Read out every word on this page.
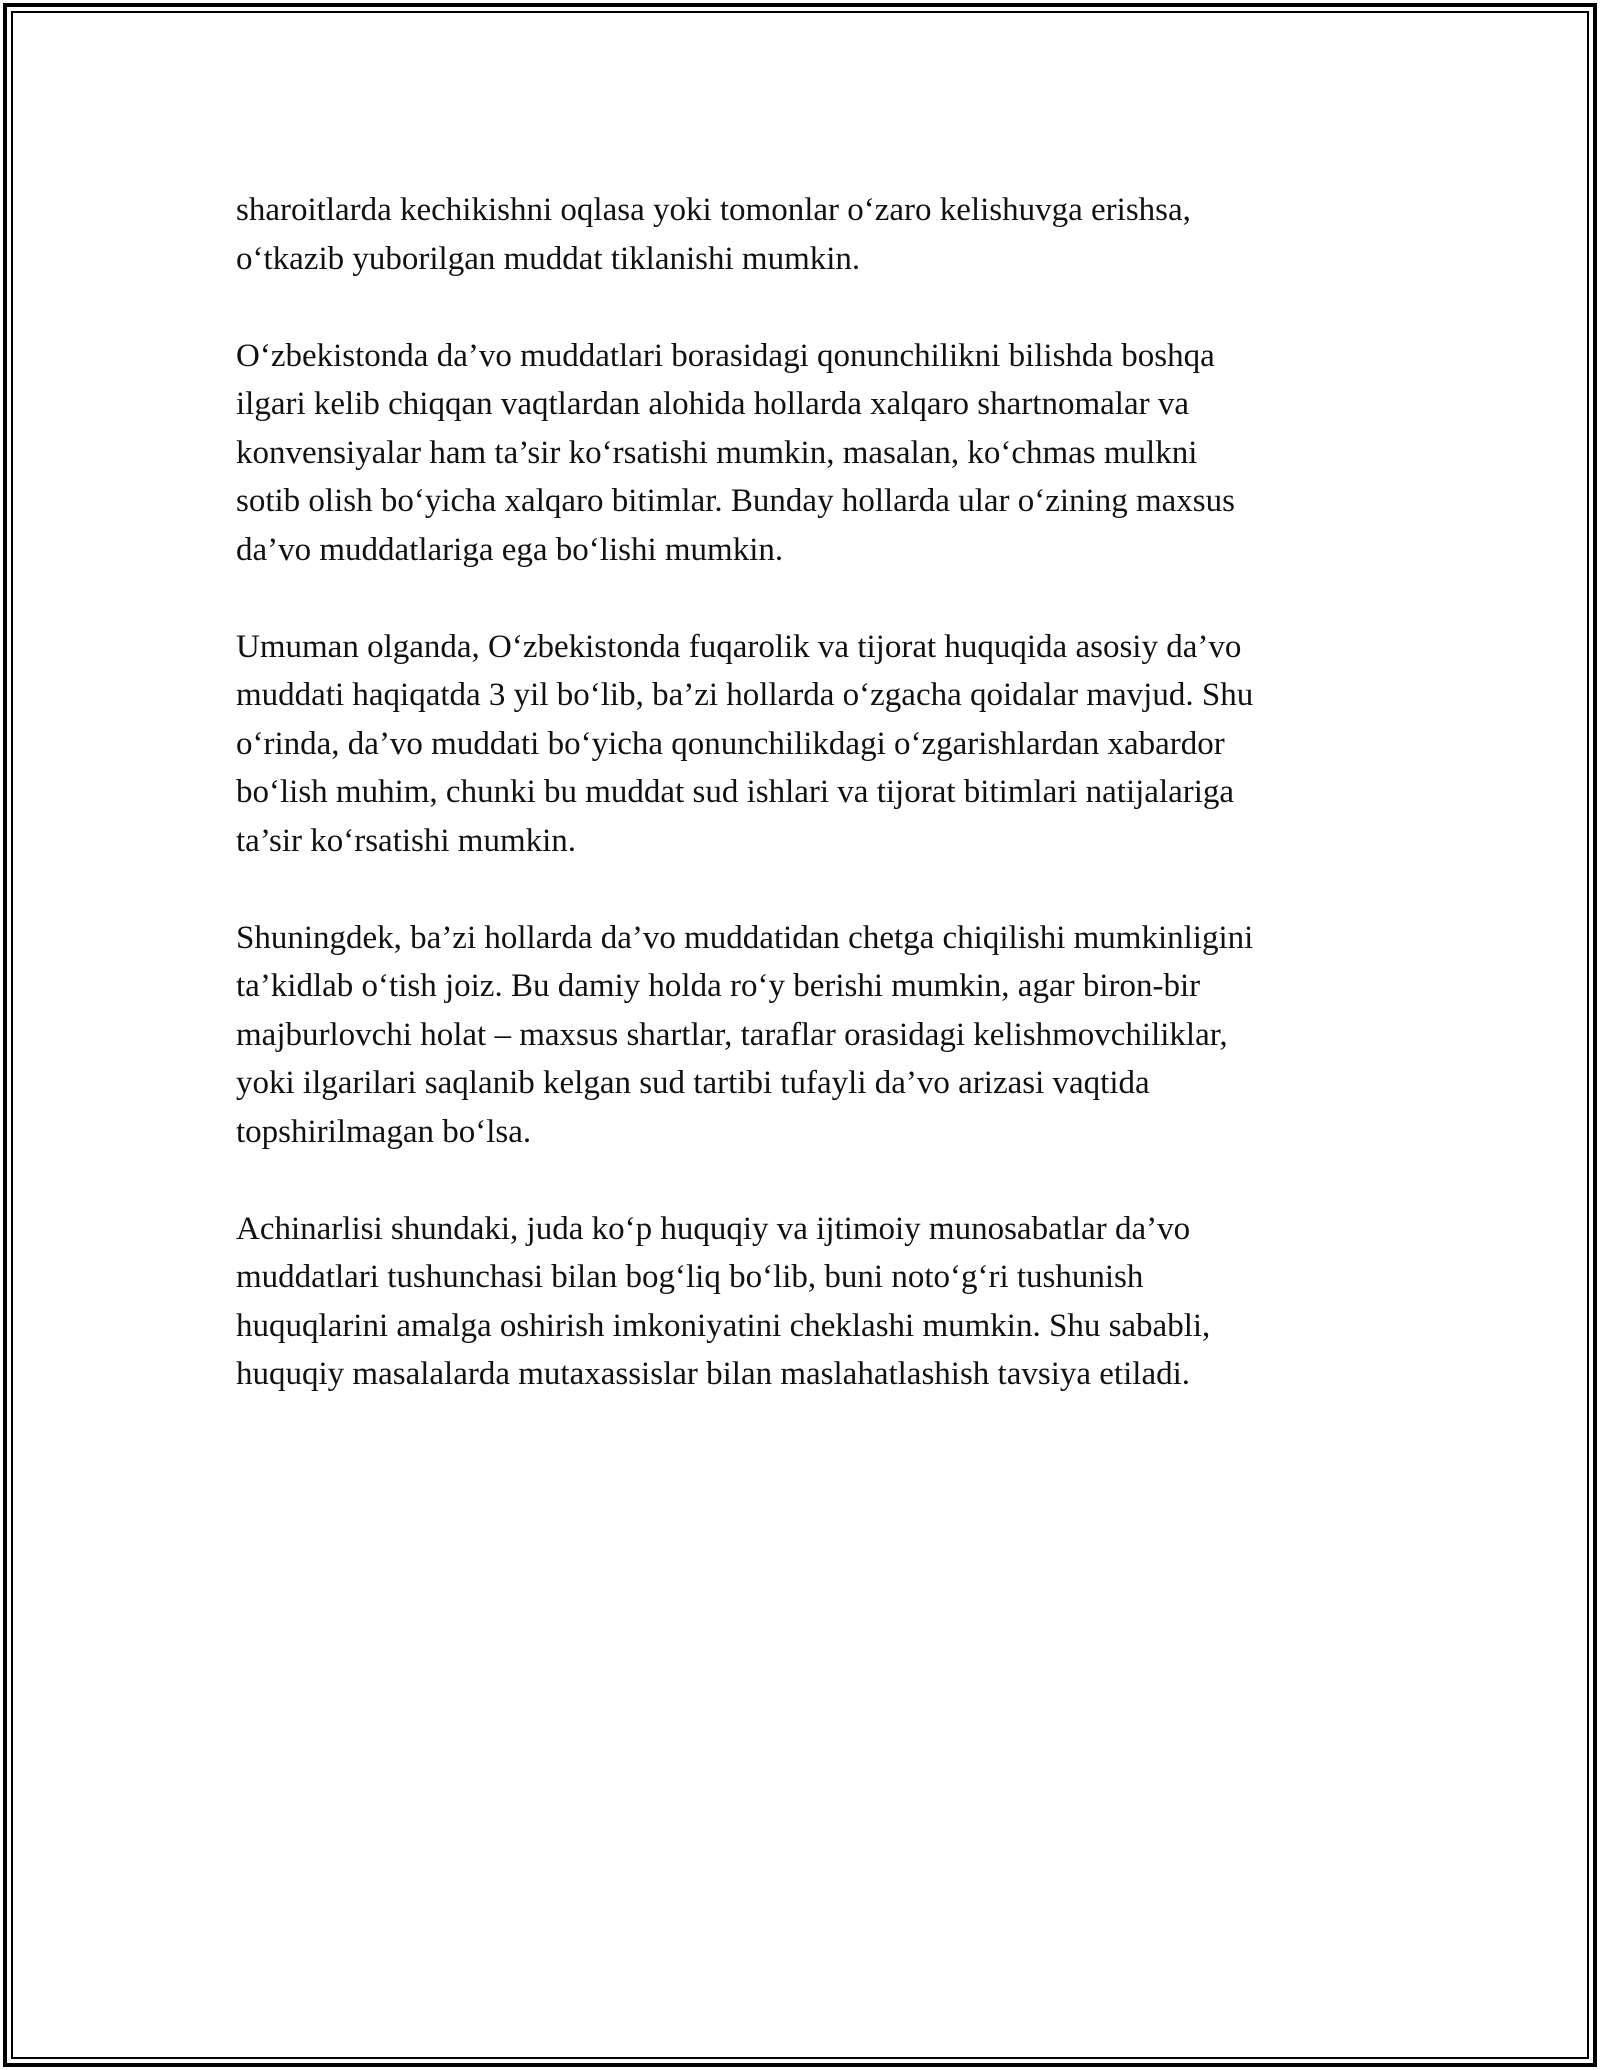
sharoitlarda kechikishni oqlasa yoki tomonlar o‘zaro kelishuvga erishsa,
o‘tkazib yuborilgan muddat tiklanishi mumkin.

O‘zbekistonda da’vo muddatlari borasidagi qonunchilikni bilishda boshqa
ilgari kelib chiqqan vaqtlardan alohida hollarda xalqaro shartnomalar va
konvensiyalar ham ta’sir ko‘rsatishi mumkin, masalan, ko‘chmas mulkni
sotib olish bo‘yicha xalqaro bitimlar. Bunday hollarda ular o‘zining maxsus
da’vo muddatlariga ega bo‘lishi mumkin.

Umuman olganda, O‘zbekistonda fuqarolik va tijorat huquqida asosiy da’vo
muddati haqiqatda 3 yil bo‘lib, ba’zi hollarda o‘zgacha qoidalar mavjud. Shu
o‘rinda, da’vo muddati bo‘yicha qonunchilikdagi o‘zgarishlardan xabardor
bo‘lish muhim, chunki bu muddat sud ishlari va tijorat bitimlari natijalariga
ta’sir ko‘rsatishi mumkin.

Shuningdek, ba’zi hollarda da’vo muddatidan chetga chiqilishi mumkinligini
ta’kidlab o‘tish joiz. Bu damiy holda ro‘y berishi mumkin, agar biron-bir
majburlovchi holat – maxsus shartlar, taraflar orasidagi kelishmovchiliklar,
yoki ilgarilari saqlanib kelgan sud tartibi tufayli da’vo arizasi vaqtida
topshirilmagan bo‘lsa.

Achinarlisi shundaki, juda ko‘p huquqiy va ijtimoiy munosabatlar da’vo
muddatlari tushunchasi bilan bog‘liq bo‘lib, buni noto‘g‘ri tushunish
huquqlarini amalga oshirish imkoniyatini cheklashi mumkin. Shu sababli,
huquqiy masalalarda mutaxassislar bilan maslahatlashish tavsiya etiladi.
